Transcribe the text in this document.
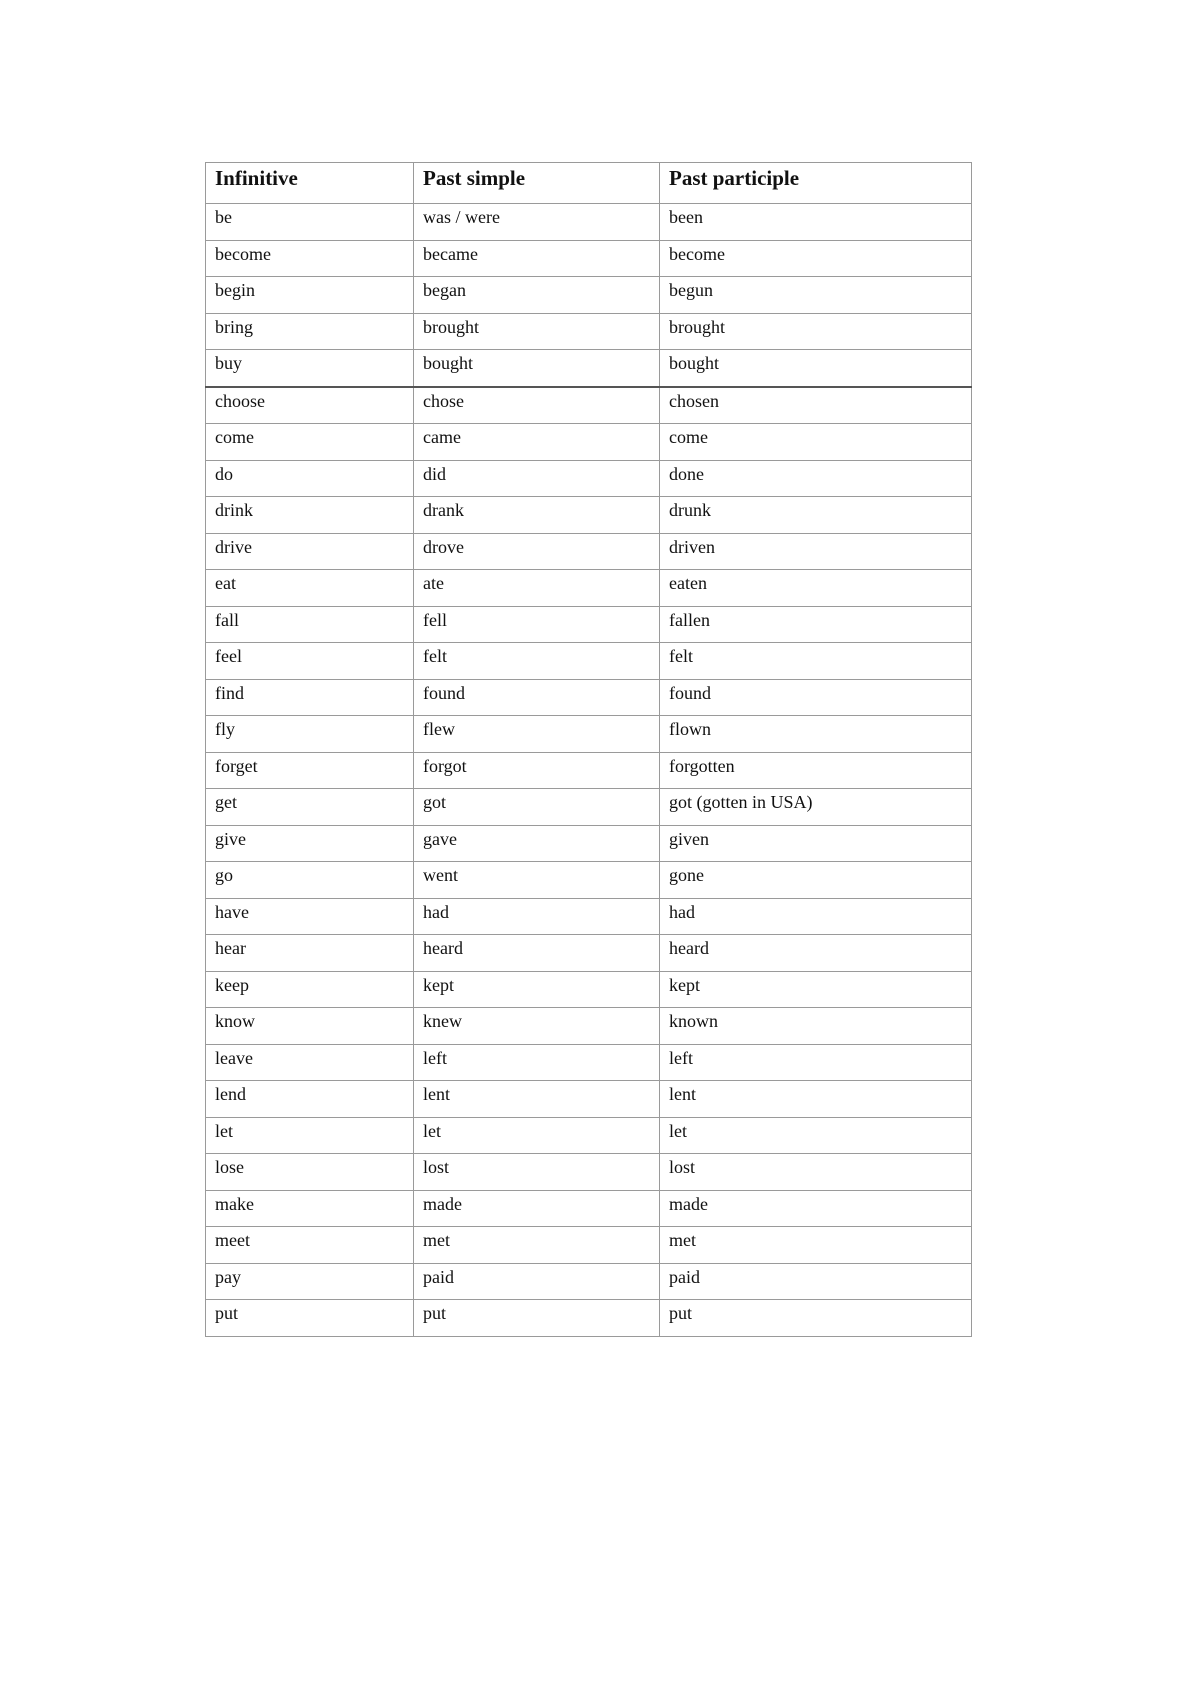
Infinitive	Past simple	Past participle
be	was / were	been
become	became	become
begin	began	begun
bring	brought	brought
buy	bought	bought
choose	chose	chosen
come	came	come
do	did	done
drink	drank	drunk
drive	drove	driven
eat	ate	eaten
fall	fell	fallen
feel	felt	felt
find	found	found
fly	flew	flown
forget	forgot	forgotten
get	got	got (gotten in USA)
give	gave	given
go	went	gone
have	had	had
hear	heard	heard
keep	kept	kept
know	knew	known
leave	left	left
lend	lent	lent
let	let	let
lose	lost	lost
make	made	made
meet	met	met
pay	paid	paid
put	put	put
